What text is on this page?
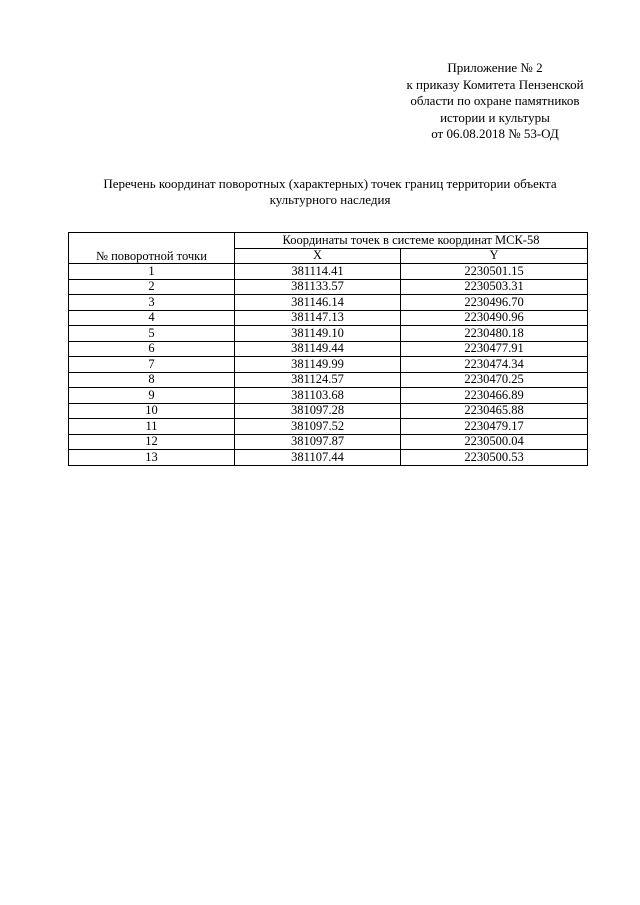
Приложение № 2
к приказу Комитета Пензенской
области по охране памятников
истории и культуры
от 06.08.2018 № 53-ОД
Перечень координат поворотных (характерных) точек границ территории объекта
культурного наследия
№ поворотной точки	Координаты точек в системе координат МСК-58	
	X	Y
1	381114.41	2230501.15
2	381133.57	2230503.31
3	381146.14	2230496.70
4	381147.13	2230490.96
5	381149.10	2230480.18
6	381149.44	2230477.91
7	381149.99	2230474.34
8	381124.57	2230470.25
9	381103.68	2230466.89
10	381097.28	2230465.88
11	381097.52	2230479.17
12	381097.87	2230500.04
13	381107.44	2230500.53
